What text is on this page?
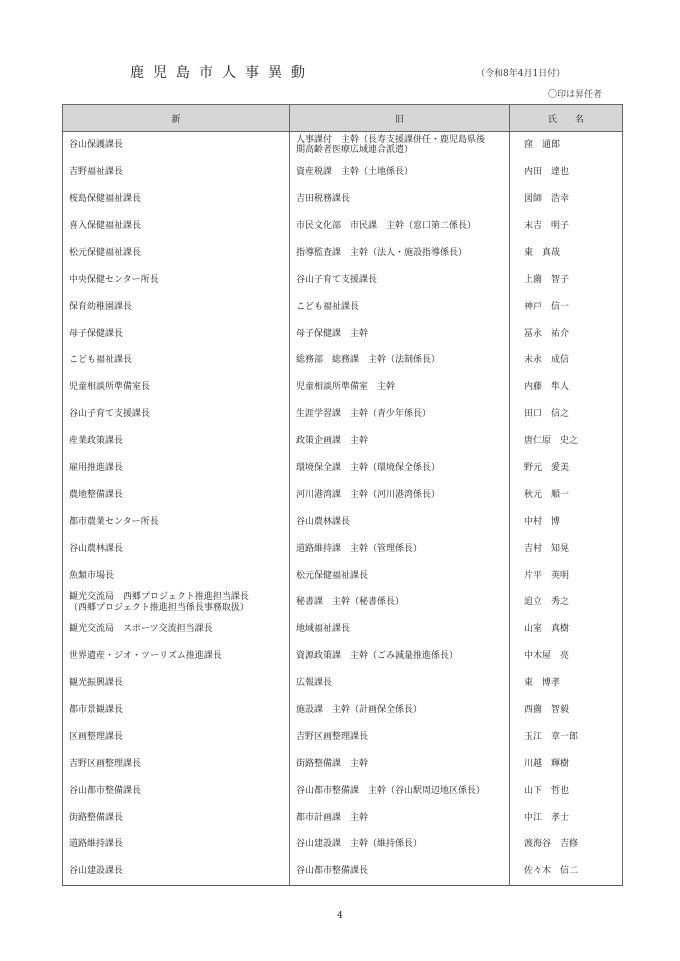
鹿児島市人事異動	（令和8年4月1日付）
〇印は昇任者
新	旧	氏　　名
谷山保護課長	人事課付　主幹（長寿支援課併任・鹿児島県後
期高齢者医療広域連合派遣）	窪　通郎
吉野福祉課長	資産税課　主幹（土地係長）	内田　達也
桜島保健福祉課長	吉田税務課長	図師　浩幸
喜入保健福祉課長	市民文化部　市民課　主幹（窓口第二係長）	末吉　明子
松元保健福祉課長	指導監査課　主幹（法人・施設指導係長）	東　真哉
中央保健センター所長	谷山子育て支援課長	上薗　智子
保育幼稚園課長	こども福祉課長	神戸　信一
母子保健課長	母子保健課　主幹	冨永　祐介
こども福祉課長	総務部　総務課　主幹（法制係長）	末永　成信
児童相談所準備室長	児童相談所準備室　主幹	内藤　隼人
谷山子育て支援課長	生涯学習課　主幹（青少年係長）	田口　信之
産業政策課長	政策企画課　主幹	唐仁原　史之
雇用推進課長	環境保全課　主幹（環境保全係長）	野元　愛美
農地整備課長	河川港湾課　主幹（河川港湾係長）	秋元　順一
都市農業センター所長	谷山農林課長	中村　博
谷山農林課長	道路維持課　主幹（管理係長）	吉村　知晃
魚類市場長	松元保健福祉課長	片平　英明
観光交流局　西郷プロジェクト推進担当課長
（西郷プロジェクト推進担当係長事務取扱）	秘書課　主幹（秘書係長）	追立　秀之
観光交流局　スポーツ交流担当課長	地域福祉課長	山室　真樹
世界遺産・ジオ・ツーリズム推進課長	資源政策課　主幹（ごみ減量推進係長）	中木屋　亮
観光振興課長	広報課長	東　博孝
都市景観課長	施設課　主幹（計画保全係長）	西薗　智毅
区画整理課長	吉野区画整理課長	玉江　章一郎
吉野区画整理課長	街路整備課　主幹	川越　輝樹
谷山都市整備課長	谷山都市整備課　主幹（谷山駅周辺地区係長）	山下　哲也
街路整備課長	都市計画課　主幹	中江　孝士
道路維持課長	谷山建設課　主幹（維持係長）	渡海谷　吉修
谷山建設課長	谷山都市整備課長	佐々木　信二
4
